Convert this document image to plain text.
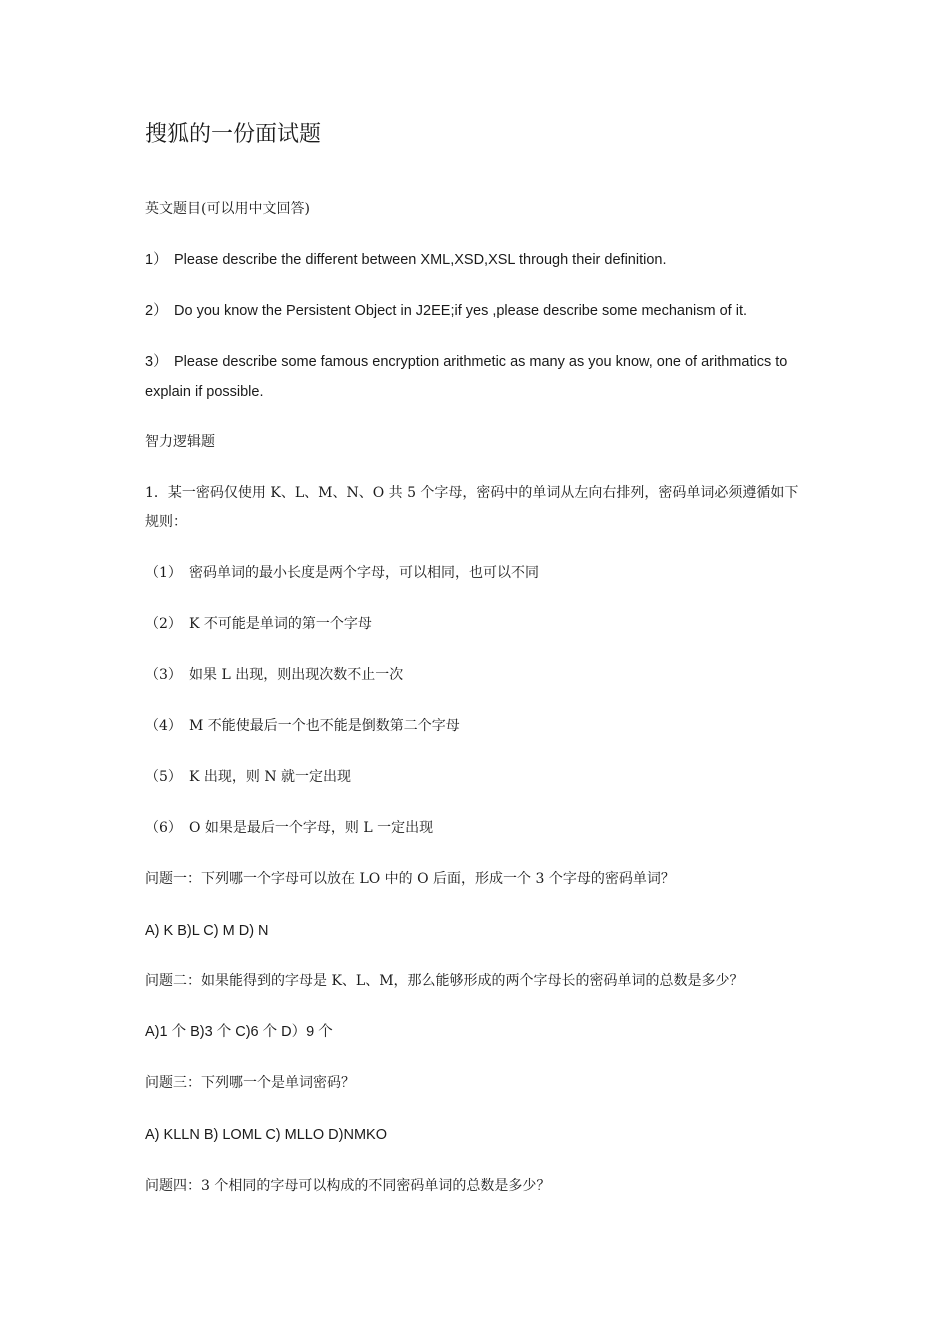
搜狐的一份面试题
英文题目(可以用中文回答)
1） Please describe the different between XML,XSD,XSL through their definition.
2） Do you know the Persistent Object in J2EE;if yes ,please describe some mechanism of it.
3） Please describe some famous encryption arithmetic as many as you know, one of arithmatics to
explain if possible.
智力逻辑题
1．某一密码仅使用 K、L、M、N、O 共 5 个字母，密码中的单词从左向右排列，密码单词必须遵循如下
规则：
（1） 密码单词的最小长度是两个字母，可以相同，也可以不同
（2） K 不可能是单词的第一个字母
（3） 如果 L 出现，则出现次数不止一次
（4） M 不能使最后一个也不能是倒数第二个字母
（5） K 出现，则 N 就一定出现
（6） O 如果是最后一个字母，则 L 一定出现
问题一：下列哪一个字母可以放在 LO 中的 O 后面，形成一个 3 个字母的密码单词？
A) K B)L C) M D) N
问题二：如果能得到的字母是 K、L、M，那么能够形成的两个字母长的密码单词的总数是多少？
A)1 个 B)3 个 C)6 个 D）9 个
问题三：下列哪一个是单词密码？
A) KLLN B) LOML C) MLLO D)NMKO
问题四：3 个相同的字母可以构成的不同密码单词的总数是多少？
